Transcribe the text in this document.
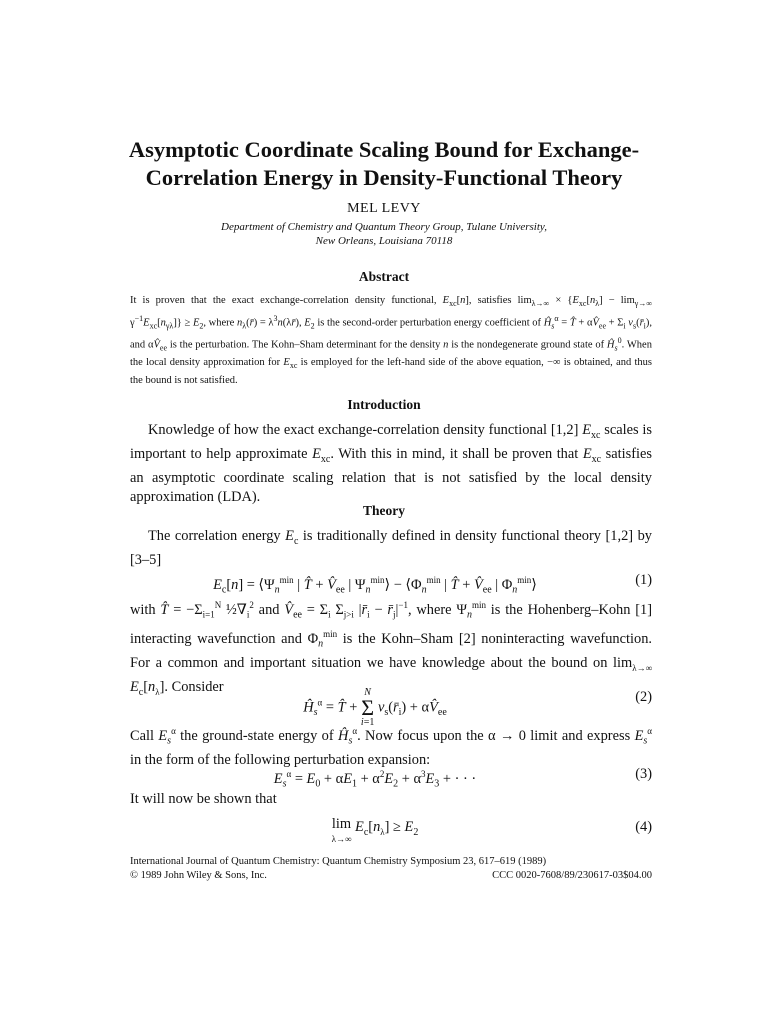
Asymptotic Coordinate Scaling Bound for Exchange-Correlation Energy in Density-Functional Theory
MEL LEVY
Department of Chemistry and Quantum Theory Group, Tulane University,
New Orleans, Louisiana 70118
Abstract
It is proven that the exact exchange-correlation density functional, $E_{xc}[n]$, satisfies $\lim_{\lambda\to\infty} \times \{E_{xc}[n_\lambda] - \lim_{\gamma\to\infty} \gamma^{-1}E_{xc}[n_{\gamma\lambda}]\} \ge E_2$, where $n_\lambda(r̄)$ = $\lambda^3n(\lambda r̄)$, $E_2$ is the second-order perturbation energy coefficient of $Ĥ_s^\alpha$ = T̂ + $\alpha V̂_{ee} + \Sigma_i$ $v_s(r̄_i)$, and $\alpha V̂_{ee}$ is the perturbation. The Kohn–Sham determinant for the density n is the nondegenerate ground state of $Ĥ_s^0$. When the local density approximation for $E_{xc}$ is employed for the left-hand side of the above equation, −∞ is obtained, and thus the bound is not satisfied.
Introduction
Knowledge of how the exact exchange-correlation density functional [1,2] $E_{xc}$ scales is important to help approximate $E_{xc}$. With this in mind, it shall be proven that $E_{xc}$ satisfies an asymptotic coordinate scaling relation that is not satisfied by the local density approximation (LDA).
Theory
The correlation energy $E_c$ is traditionally defined in density functional theory [1,2] by [3–5]
$E_c[n]$ = $⟨\Psi_n^{min}$ | T̂ + $V̂_{ee}$ | $\Psi_n^{min}⟩$ − $⟨\Phi_n^{min}$ | T̂ + $V̂_{ee}$ | $\Phi_n^{min}⟩$	(1)
with T̂ = $-\Sigma_{i=1}^N$ $\frac{1}{2}\nabla_i^2$ and $V̂_{ee} = \Sigma_i$ $\Sigma_{j>i}$ $|r̄_i$ − $r̄_j|^{-1}$, where $\Psi_n^{min}$ is the Hohenberg–Kohn [1] interacting wavefunction and $\Phi_n^{min}$ is the Kohn–Sham [2] noninteracting wavefunction. For a common and important situation we have knowledge about the bound on $\lim_{\lambda\to\infty} E_c[n_\lambda]$. Consider
$Ĥ_s^\alpha$ = T̂ + N
Σ
i=1 $v_s(r̄_i)$ + $\alpha V̂_{ee}$
(2)
Call $E_s^\alpha$ the ground-state energy of $Ĥ_s^\alpha$. Now focus upon the α → 0 limit and express $E_s^\alpha$ in the form of the following perturbation expansion:
$E_s^\alpha = E_0 + \alpha E_1 + \alpha^2E_2 + \alpha^3E_3$ + · · ·	(3)
It will now be shown that
lim
λ→∞ $E_c[n_\lambda] \ge E_2$	(4)
International Journal of Quantum Chemistry: Quantum Chemistry Symposium 23, 617–619 (1989)
© 1989 John Wiley & Sons, Inc.	CCC 0020-7608/89/230617-03$04.00
